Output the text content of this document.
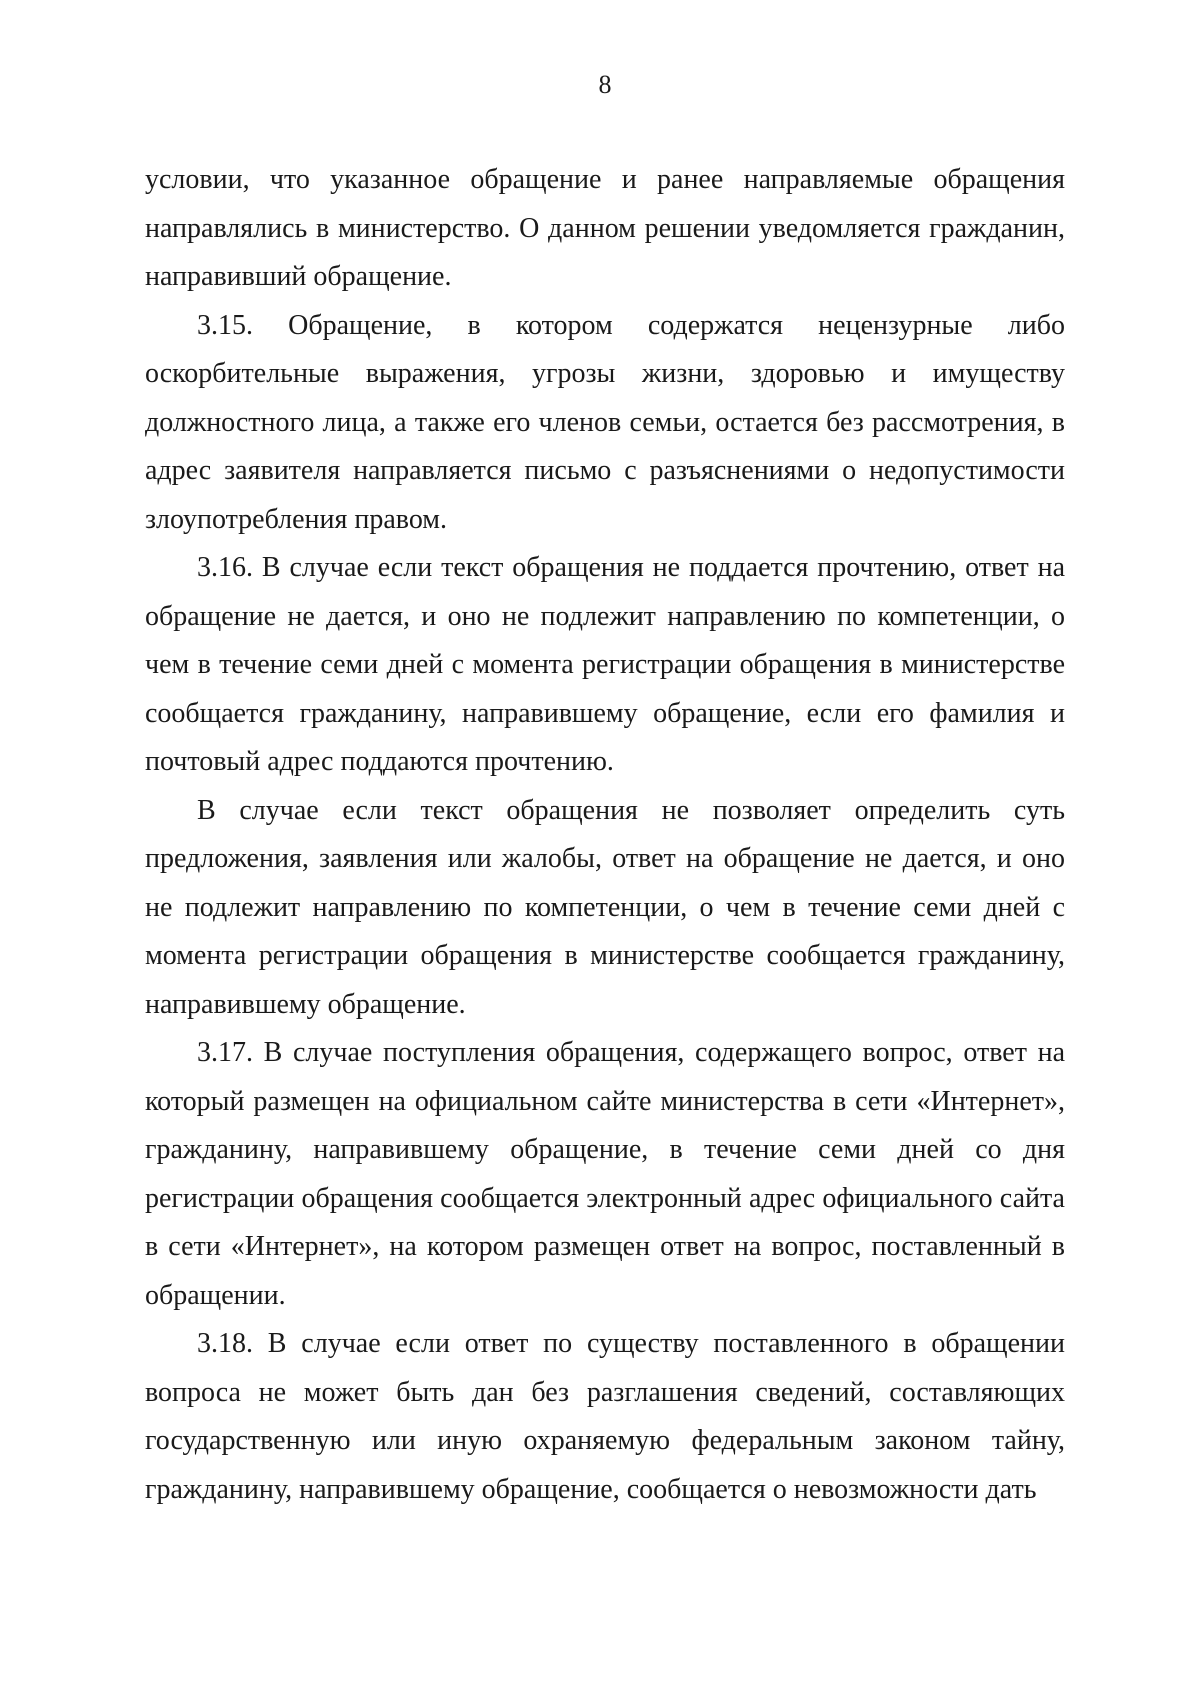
8

условии, что указанное обращение и ранее направляемые обращения направлялись в министерство. О данном решении уведомляется гражданин, направивший обращение.

3.15. Обращение, в котором содержатся нецензурные либо оскорбительные выражения, угрозы жизни, здоровью и имуществу должностного лица, а также его членов семьи, остается без рассмотрения, в адрес заявителя направляется письмо с разъяснениями о недопустимости злоупотребления правом.

3.16. В случае если текст обращения не поддается прочтению, ответ на обращение не дается, и оно не подлежит направлению по компетенции, о чем в течение семи дней с момента регистрации обращения в министерстве сообщается гражданину, направившему обращение, если его фамилия и почтовый адрес поддаются прочтению.

В случае если текст обращения не позволяет определить суть предложения, заявления или жалобы, ответ на обращение не дается, и оно не подлежит направлению по компетенции, о чем в течение семи дней с момента регистрации обращения в министерстве сообщается гражданину, направившему обращение.

3.17. В случае поступления обращения, содержащего вопрос, ответ на который размещен на официальном сайте министерства в сети «Интернет», гражданину, направившему обращение, в течение семи дней со дня регистрации обращения сообщается электронный адрес официального сайта в сети «Интернет», на котором размещен ответ на вопрос, поставленный в обращении.

3.18. В случае если ответ по существу поставленного в обращении вопроса не может быть дан без разглашения сведений, составляющих государственную или иную охраняемую федеральным законом тайну, гражданину, направившему обращение, сообщается о невозможности дать
